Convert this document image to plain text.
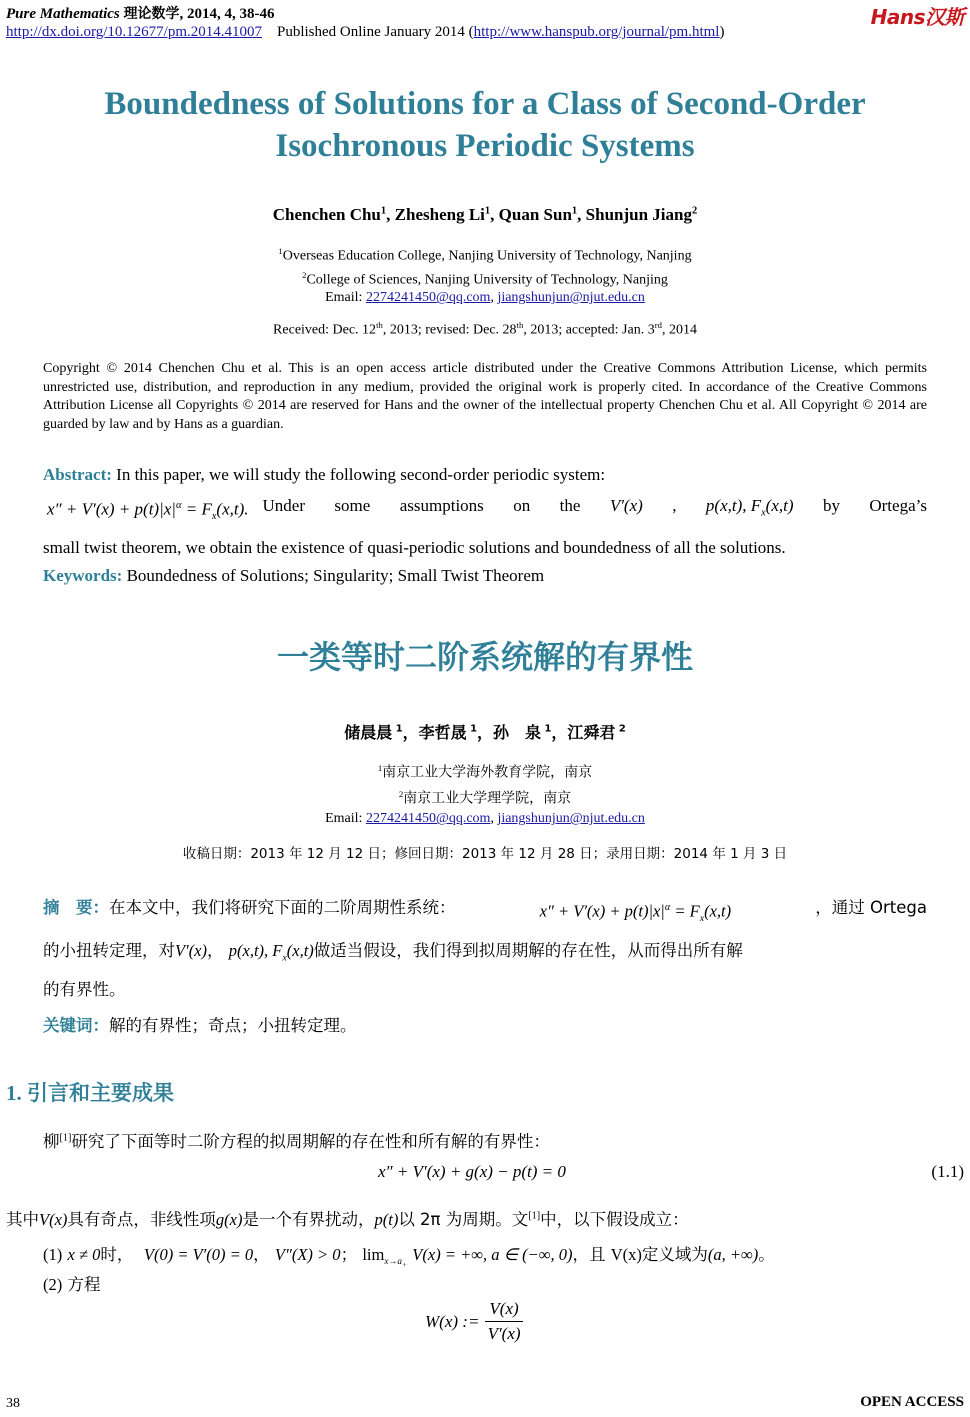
Pure Mathematics 理论数学, 2014, 4, 38-46	Hans汉斯
http://dx.doi.org/10.12677/pm.2014.41007 Published Online January 2014 (http://www.hanspub.org/journal/pm.html)
Boundedness of Solutions for a Class of Second-Order
Isochronous Periodic Systems
Chenchen Chu$^1$, Zhesheng Li$^1$, Quan Sun$^1$, Shunjun Jiang$^2$
$^1$Overseas Education College, Nanjing University of Technology, Nanjing
$^2$College of Sciences, Nanjing University of Technology, Nanjing
Email: 2274241450@qq.com, jiangshunjun@njut.edu.cn
Received: Dec. 12th, 2013; revised: Dec. 28th, 2013; accepted: Jan. 3rd, 2014
Copyright © 2014 Chenchen Chu et al. This is an open access article distributed under the Creative Commons Attribution License, which permits unrestricted use, distribution, and reproduction in any medium, provided the original work is properly cited. In accordance of the Creative Commons Attribution License all Copyrights © 2014 are reserved for Hans and the owner of the intellectual property Chenchen Chu et al. All Copyright © 2014 are guarded by law and by Hans as a guardian.
Abstract: In this paper, we will study the following second-order periodic system:
$x'' + V'(x) + p(t)|x|^\alpha = F_x(x,t)$. Under some assumptions on the V′(x) , p(x,t), $F_x(x,t)$ by Ortega’s
small twist theorem, we obtain the existence of quasi-periodic solutions and boundedness of all the solutions.
Keywords: Boundedness of Solutions; Singularity; Small Twist Theorem
一类等时二阶系统解的有界性
储晨晨 $^1$，李哲晟 $^1$，孙　泉 $^1$，江舜君 $^2$
$^1$南京工业大学海外教育学院，南京
$^2$南京工业大学理学院，南京
Email: 2274241450@qq.com, jiangshunjun@njut.edu.cn
收稿日期：2013 年 12 月 12 日；修回日期：2013 年 12 月 28 日；录用日期：2014 年 1 月 3 日
摘　要：在本文中，我们将研究下面的二阶周期性系统：	$x'' + V'(x) + p(t)|x|^\alpha = F_x(x,t)$	，通过 Ortega
的小扭转定理，对V′(x)， p(x,t), $F_x(x,t)$做适当假设，我们得到拟周期解的存在性，从而得出所有解
的有界性。
关键词：解的有界性；奇点；小扭转定理。
1. 引言和主要成果
柳[1]研究了下面等时二阶方程的拟周期解的存在性和所有解的有界性：
x″ + V′(x) + g(x) − p(t) = 0	(1.1)
其中V(x)具有奇点，非线性项g(x)是一个有界扰动，p(t)以 2π 为周期。文[1]中，以下假设成立：
(1) x ≠ 0时， V(0) = V′(0) = 0， V″(X) > 0； $\lim_{x\to a_+} V(x)$ = +∞, a ∈ (−∞, 0)，且 V(x)定义域为(a, +∞)。
(2) 方程
W(x) := $\frac{V(x)}{V'(x)}$
38	OPEN ACCESS
